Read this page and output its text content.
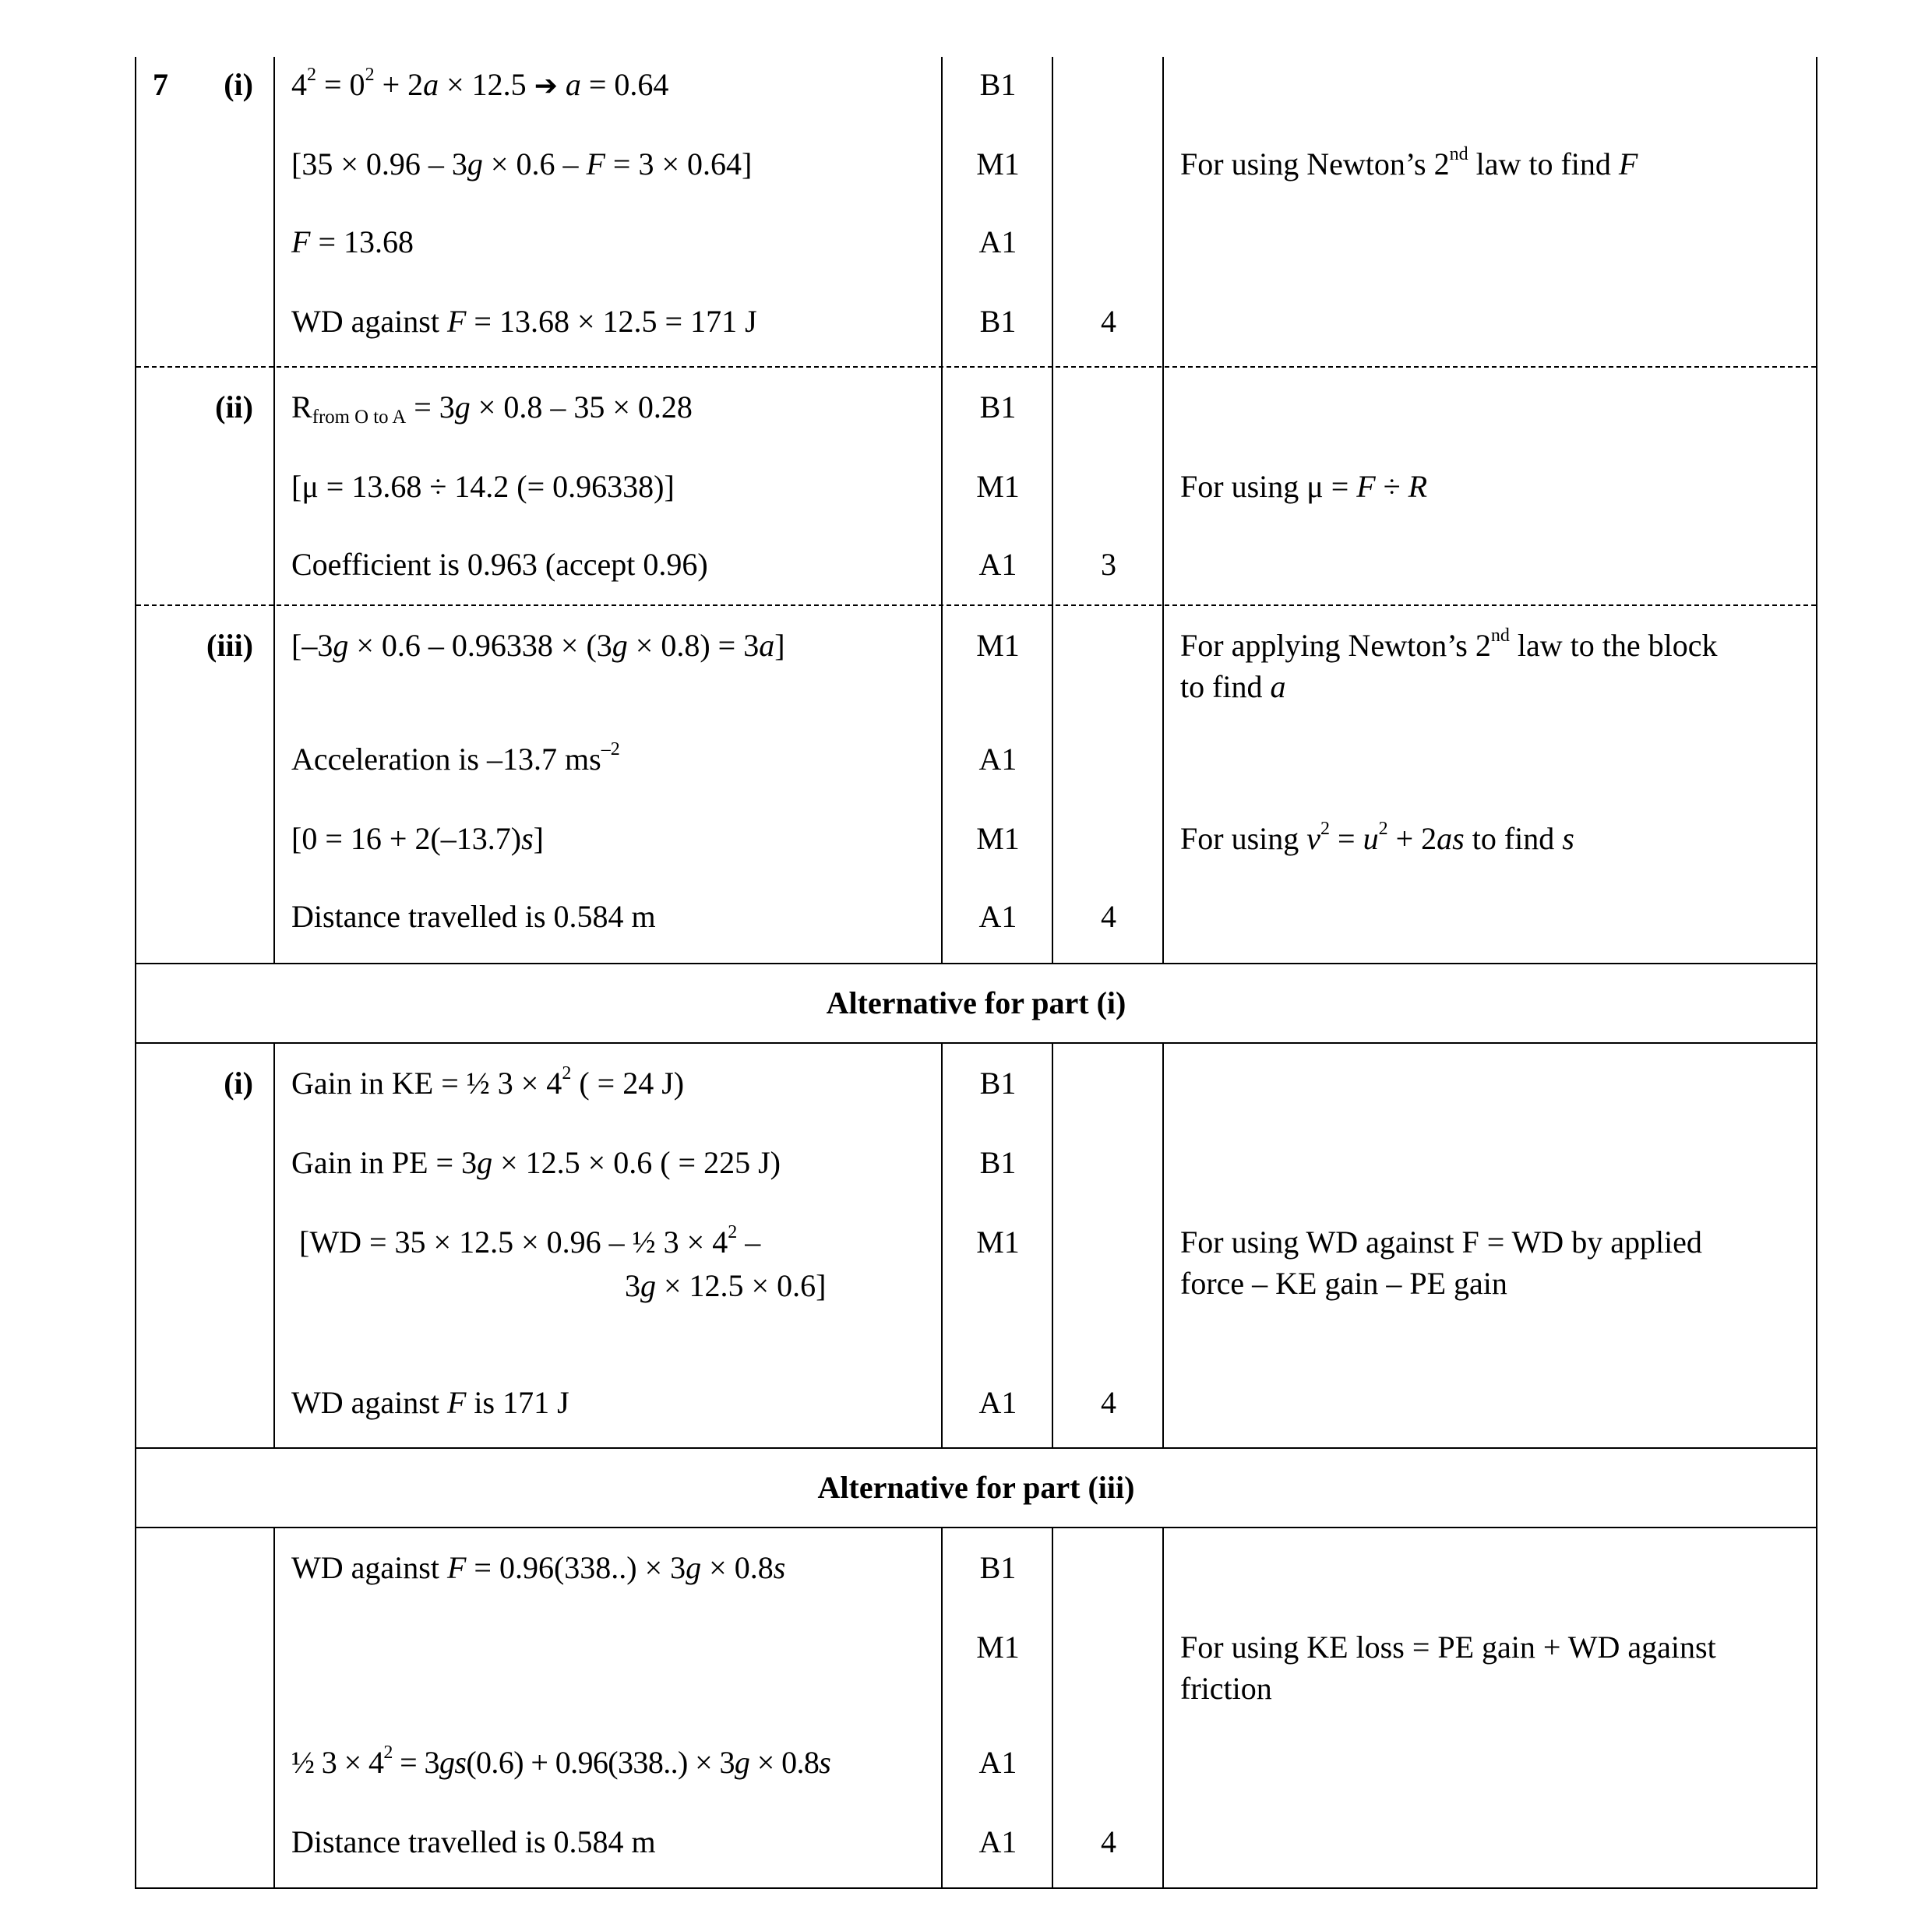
7	(i) $4^2 = 0^2 + 2a \times 12.5$ ➔ a = 0.64	B1
[35 × 0.96 – 3g × 0.6 – F = 3 × 0.64]	M1	For using Newton’s 2nd law to find F
F = 13.68	A1
WD against F = 13.68 × 12.5 = 171 J	B1	4
(ii) $R_{from O to A} = 3g \times 0.8 - 35 \times 0.28$	B1
[μ = 13.68 ÷ 14.2 (= 0.96338)]	M1	For using μ = F ÷ R
Coefficient is 0.963 (accept 0.96)	A1	3
(iii) [–3g × 0.6 – 0.96338 × (3g × 0.8) = 3a]	M1	For applying Newton’s 2nd law to the block to find a
Acceleration is –13.7 $ms^{-2}$	A1
[0 = 16 + 2(–13.7)s]	M1	For using $v^2 = u^2 + 2as$ to find s
Distance travelled is 0.584 m	A1	4
Alternative for part (i)
(i) Gain in KE = ½ $3 \times 4^2$ ( = 24 J)	B1
Gain in PE = 3g × 12.5 × 0.6 ( = 225 J)	B1
[WD = 35 × 12.5 × 0.96 – ½ $3 \times 4^2$ –
3g × 12.5 × 0.6]
M1	For using WD against F = WD by applied force – KE gain – PE gain
WD against F is 171 J	A1	4
Alternative for part (iii)
WD against F = 0.96(338..) × 3g × 0.8s	B1
M1	For using KE loss = PE gain + WD against friction
½ $3 \times 4^2 = 3gs(0.6) + 0.96(338..) \times 3g \times 0.8s$	A1
Distance travelled is 0.584 m	A1	4
